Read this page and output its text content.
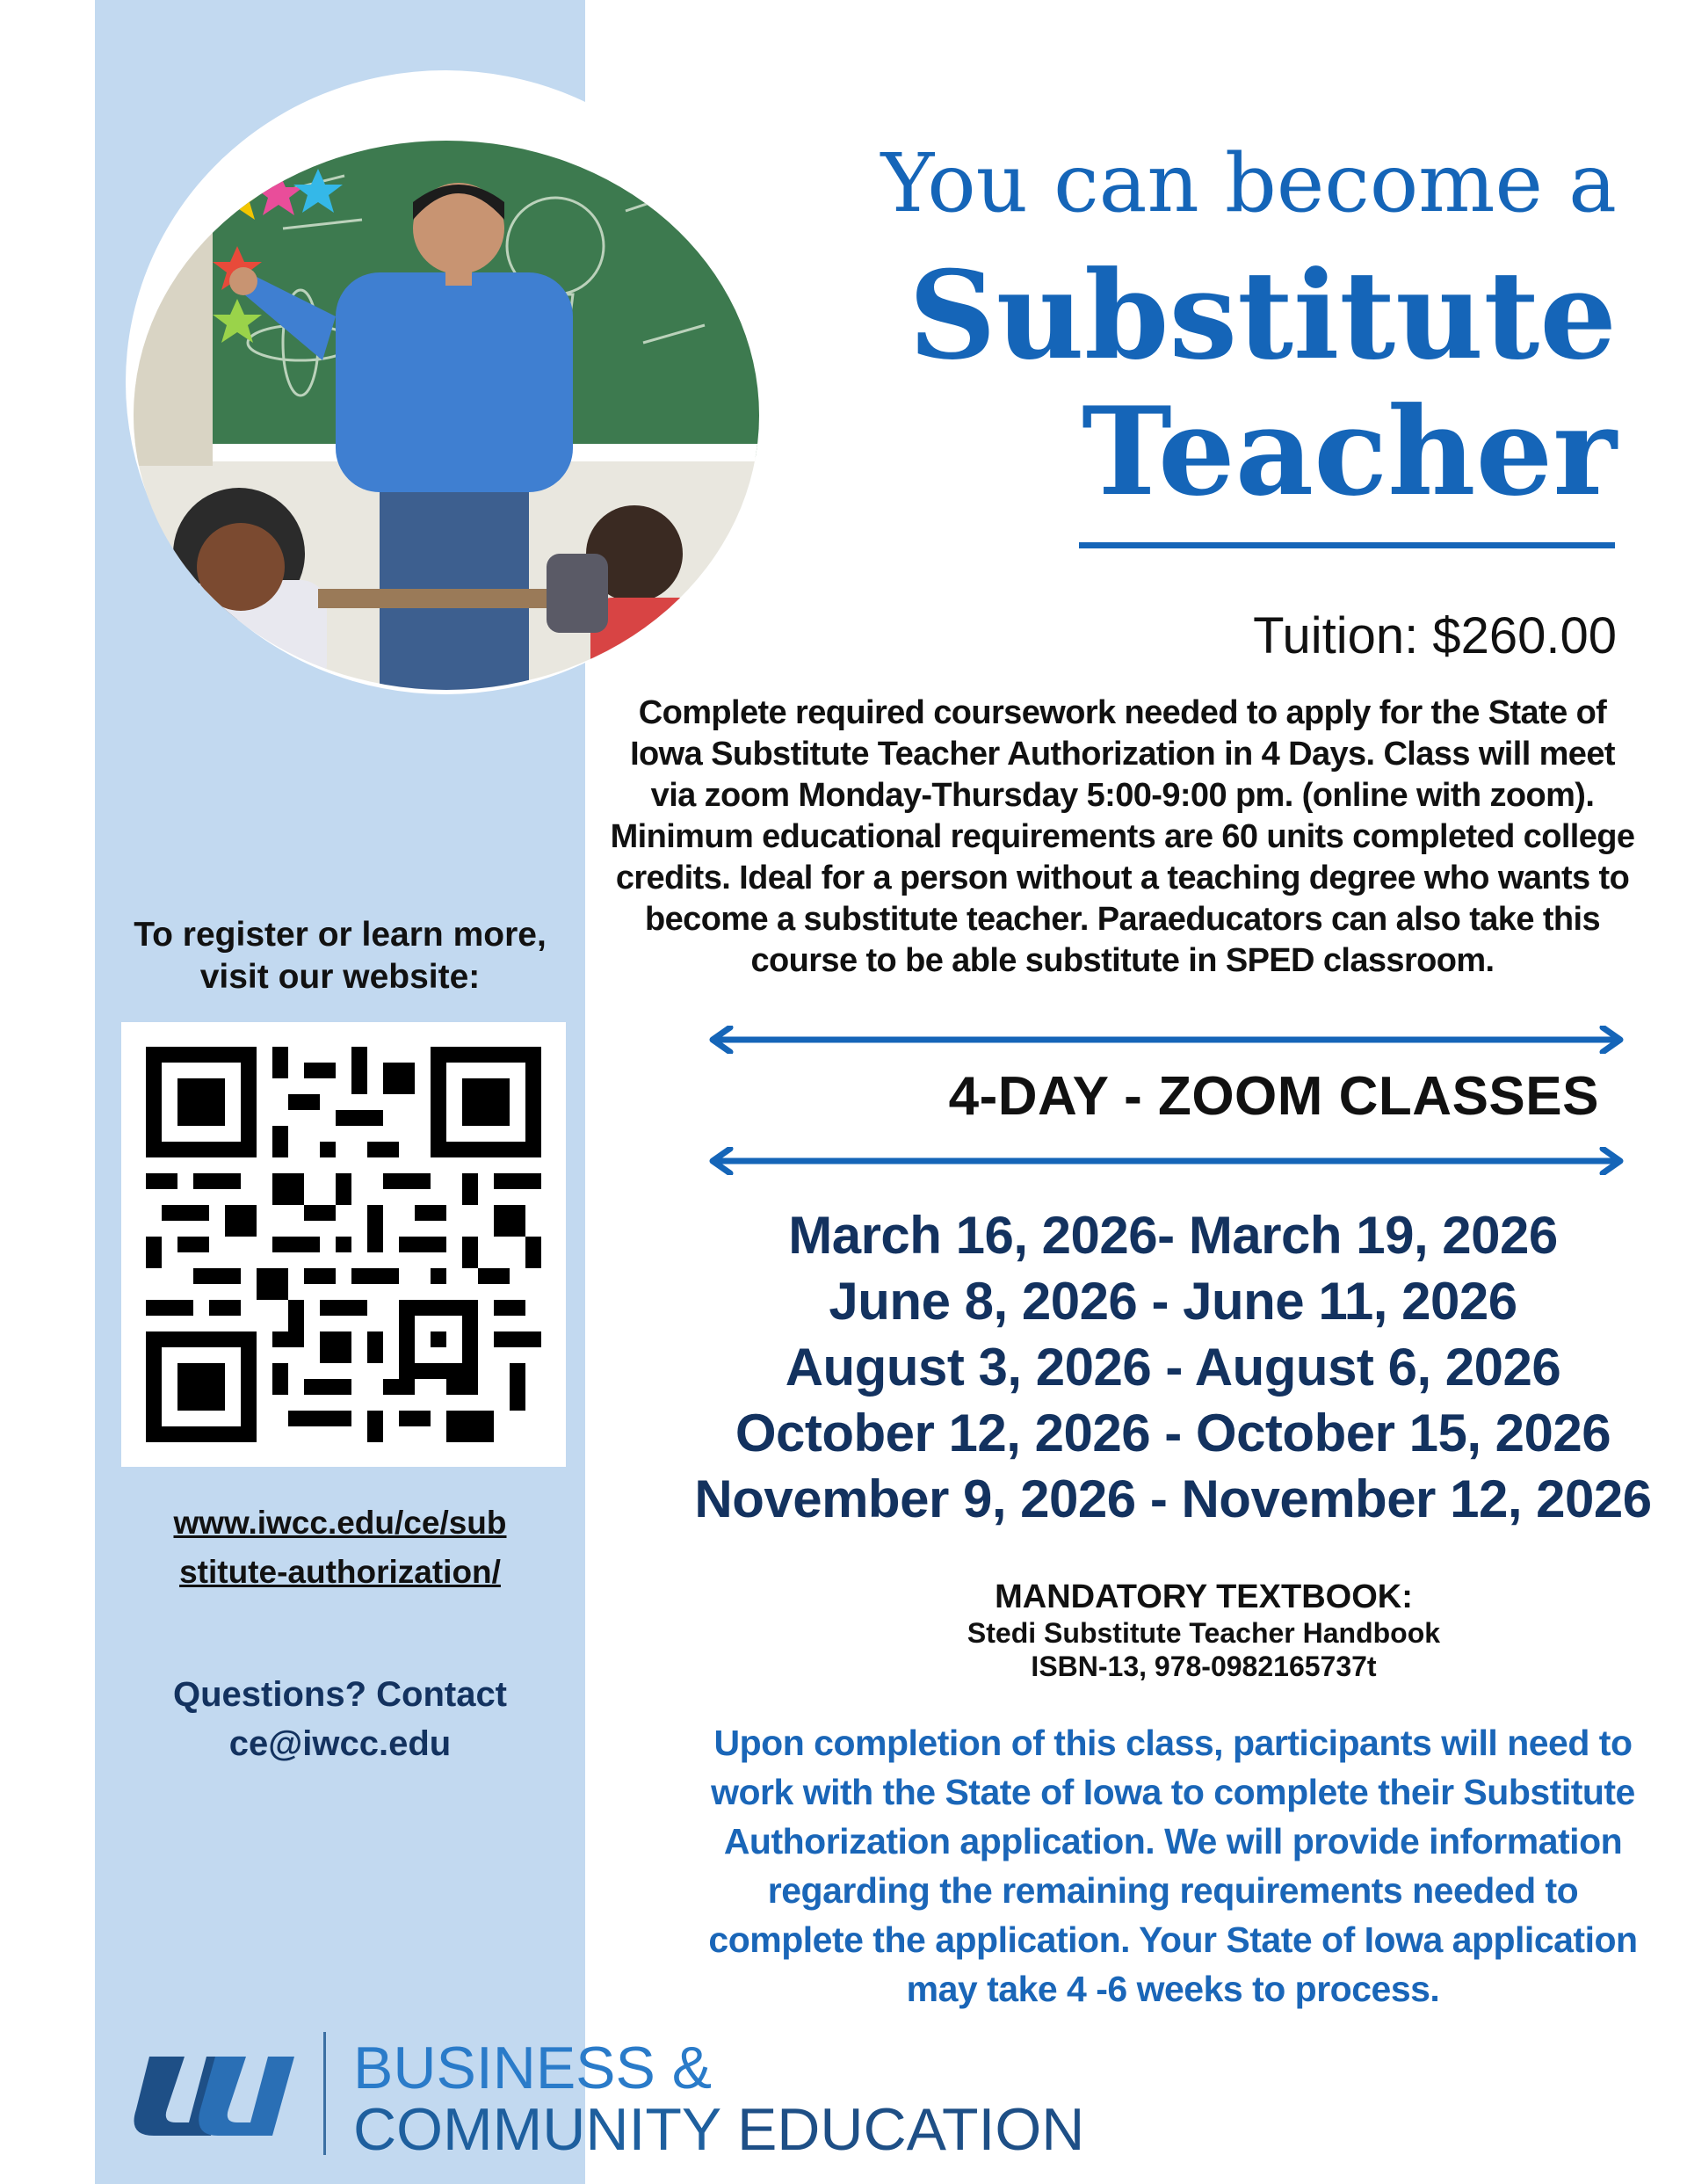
You can become a
Substitute
Teacher
Tuition: $260.00
Complete required coursework needed to apply for the State of Iowa Substitute Teacher Authorization in 4 Days. Class will meet via zoom Monday-Thursday 5:00-9:00 pm. (online with zoom). Minimum educational requirements are 60 units completed college credits. Ideal for a person without a teaching degree who wants to become a substitute teacher. Paraeducators can also take this course to be able substitute in SPED classroom.
4-DAY - ZOOM CLASSES
March 16, 2026- March 19, 2026
June 8, 2026 - June 11, 2026
August 3, 2026 - August 6, 2026
October 12, 2026 - October 15, 2026
November 9, 2026 - November 12, 2026
MANDATORY TEXTBOOK:
Stedi Substitute Teacher Handbook
ISBN-13, 978-0982165737t
Upon completion of this class, participants will need to work with the State of Iowa to complete their Substitute Authorization application. We will provide information regarding the remaining requirements needed to complete the application. Your State of Iowa application may take 4 -6 weeks to process.
To register or learn more,
visit our website:
www.iwcc.edu/ce/sub
stitute-authorization/
Questions? Contact
ce@iwcc.edu
BUSINESS &
COMMUNITY EDUCATION
